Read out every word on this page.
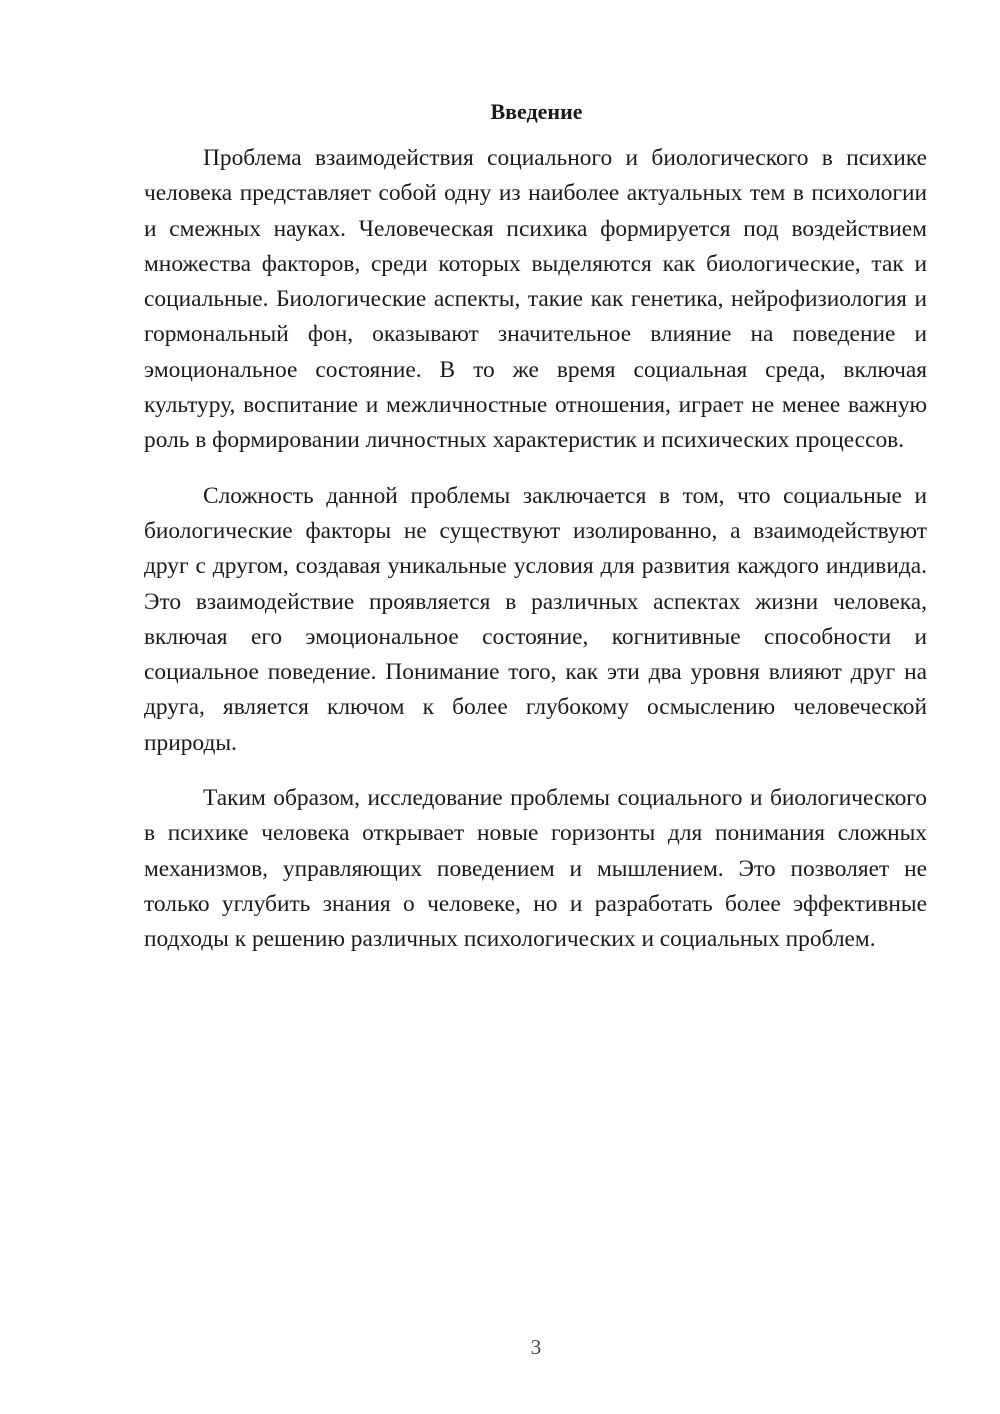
Введение

Проблема взаимодействия социального и биологического в психике человека представляет собой одну из наиболее актуальных тем в психологии и смежных науках. Человеческая психика формируется под воздействием множества факторов, среди которых выделяются как биологические, так и социальные. Биологические аспекты, такие как генетика, нейрофизиология и гормональный фон, оказывают значительное влияние на поведение и эмоциональное состояние. В то же время социальная среда, включая культуру, воспитание и межличностные отношения, играет не менее важную роль в формировании личностных характеристик и психических процессов.

Сложность данной проблемы заключается в том, что социальные и биологические факторы не существуют изолированно, а взаимодействуют друг с другом, создавая уникальные условия для развития каждого индивида. Это взаимодействие проявляется в различных аспектах жизни человека, включая его эмоциональное состояние, когнитивные способности и социальное поведение. Понимание того, как эти два уровня влияют друг на друга, является ключом к более глубокому осмыслению человеческой природы.

Таким образом, исследование проблемы социального и биологического в психике человека открывает новые горизонты для понимания сложных механизмов, управляющих поведением и мышлением. Это позволяет не только углубить знания о человеке, но и разработать более эффективные подходы к решению различных психологических и социальных проблем.

3
